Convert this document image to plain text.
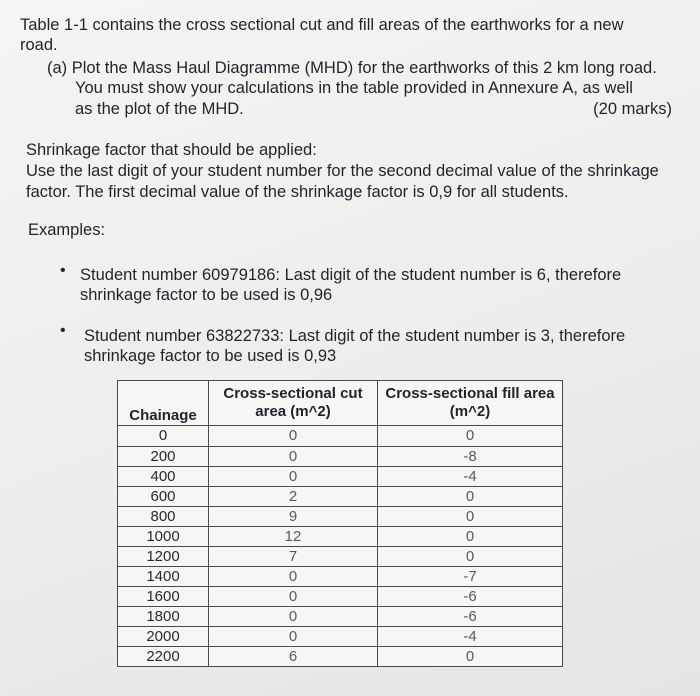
Table 1-1 contains the cross sectional cut and fill areas of the earthworks for a new
road.
(a) Plot the Mass Haul Diagramme (MHD) for the earthworks of this 2 km long road.
You must show your calculations in the table provided in Annexure A, as well
as the plot of the MHD.	(20 marks)
Shrinkage factor that should be applied:
Use the last digit of your student number for the second decimal value of the shrinkage
factor. The first decimal value of the shrinkage factor is 0,9 for all students.
Examples:
• Student number 60979186: Last digit of the student number is 6, therefore
shrinkage factor to be used is 0,96
• Student number 63822733: Last digit of the student number is 3, therefore
shrinkage factor to be used is 0,93
Chainage	Cross-sectional cut area (m^2)	Cross-sectional fill area (m^2)
0	0	0
200	0	-8
400	0	-4
600	2	0
800	9	0
1000	12	0
1200	7	0
1400	0	-7
1600	0	-6
1800	0	-6
2000	0	-4
2200	6	0
